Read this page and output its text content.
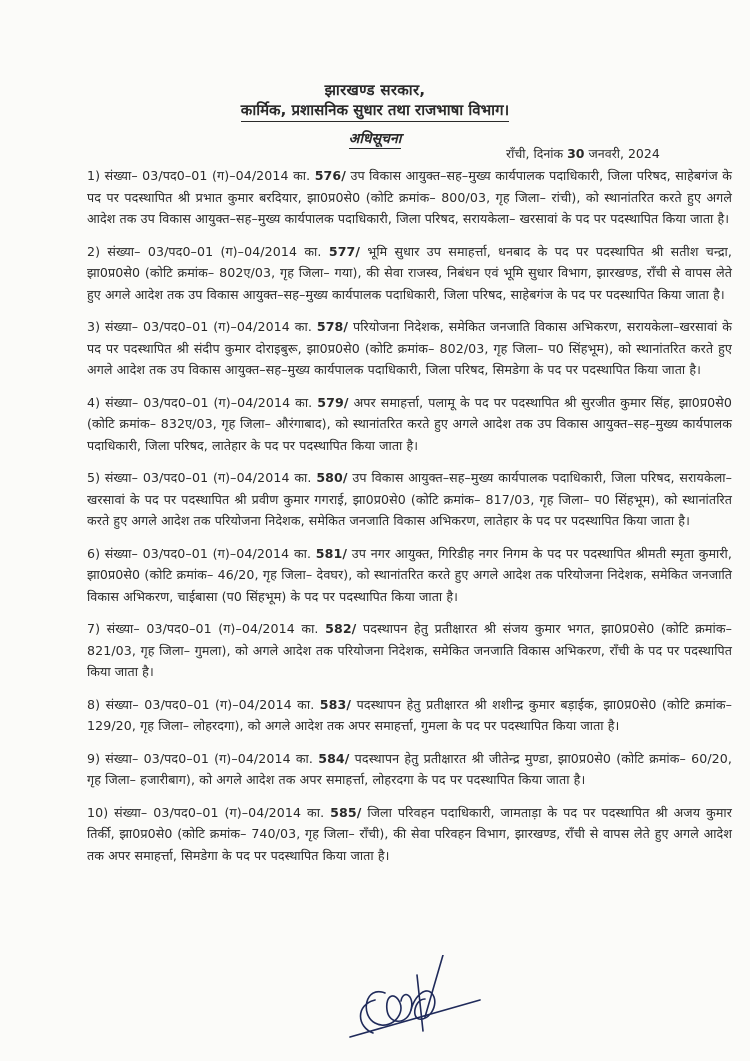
झारखण्ड सरकार,
कार्मिक, प्रशासनिक सुधार तथा राजभाषा विभाग।
अधिसूचना
राँची, दिनांक 30 जनवरी, 2024

1) संख्या– 03/पद0–01 (ग)–04/2014 का. 576/ उप विकास आयुक्त–सह–मुख्य कार्यपालक पदाधिकारी, जिला परिषद, साहेबगंज के पद पर पदस्थापित श्री प्रभात कुमार बरदियार, झा0प्र0से0 (कोटि क्रमांक– 800/03, गृह जिला– रांची), को स्थानांतरित करते हुए अगले आदेश तक उप विकास आयुक्त–सह–मुख्य कार्यपालक पदाधिकारी, जिला परिषद, सरायकेला– खरसावां के पद पर पदस्थापित किया जाता है।

2) संख्या– 03/पद0–01 (ग)–04/2014 का. 577/ भूमि सुधार उप समाहर्त्ता, धनबाद के पद पर पदस्थापित श्री सतीश चन्द्रा, झा0प्र0से0 (कोटि क्रमांक– 802ए/03, गृह जिला– गया), की सेवा राजस्व, निबंधन एवं भूमि सुधार विभाग, झारखण्ड, राँची से वापस लेते हुए अगले आदेश तक उप विकास आयुक्त–सह–मुख्य कार्यपालक पदाधिकारी, जिला परिषद, साहेबगंज के पद पर पदस्थापित किया जाता है।

3) संख्या– 03/पद0–01 (ग)–04/2014 का. 578/ परियोजना निदेशक, समेकित जनजाति विकास अभिकरण, सरायकेला–खरसावां के पद पर पदस्थापित श्री संदीप कुमार दोराइबुरू, झा0प्र0से0 (कोटि क्रमांक– 802/03, गृह जिला– प0 सिंहभूम), को स्थानांतरित करते हुए अगले आदेश तक उप विकास आयुक्त–सह–मुख्य कार्यपालक पदाधिकारी, जिला परिषद, सिमडेगा के पद पर पदस्थापित किया जाता है।

4) संख्या– 03/पद0–01 (ग)–04/2014 का. 579/ अपर समाहर्त्ता, पलामू के पद पर पदस्थापित श्री सुरजीत कुमार सिंह, झा0प्र0से0 (कोटि क्रमांक– 832ए/03, गृह जिला– औरंगाबाद), को स्थानांतरित करते हुए अगले आदेश तक उप विकास आयुक्त–सह–मुख्य कार्यपालक पदाधिकारी, जिला परिषद, लातेहार के पद पर पदस्थापित किया जाता है।

5) संख्या– 03/पद0–01 (ग)–04/2014 का. 580/ उप विकास आयुक्त–सह–मुख्य कार्यपालक पदाधिकारी, जिला परिषद, सरायकेला–खरसावां के पद पर पदस्थापित श्री प्रवीण कुमार गगराई, झा0प्र0से0 (कोटि क्रमांक– 817/03, गृह जिला– प0 सिंहभूम), को स्थानांतरित करते हुए अगले आदेश तक परियोजना निदेशक, समेकित जनजाति विकास अभिकरण, लातेहार के पद पर पदस्थापित किया जाता है।

6) संख्या– 03/पद0–01 (ग)–04/2014 का. 581/ उप नगर आयुक्त, गिरिडीह नगर निगम के पद पर पदस्थापित श्रीमती स्मृता कुमारी, झा0प्र0से0 (कोटि क्रमांक– 46/20, गृह जिला– देवघर), को स्थानांतरित करते हुए अगले आदेश तक परियोजना निदेशक, समेकित जनजाति विकास अभिकरण, चाईबासा (प0 सिंहभूम) के पद पर पदस्थापित किया जाता है।

7) संख्या– 03/पद0–01 (ग)–04/2014 का. 582/ पदस्थापन हेतु प्रतीक्षारत श्री संजय कुमार भगत, झा0प्र0से0 (कोटि क्रमांक– 821/03, गृह जिला– गुमला), को अगले आदेश तक परियोजना निदेशक, समेकित जनजाति विकास अभिकरण, राँची के पद पर पदस्थापित किया जाता है।

8) संख्या– 03/पद0–01 (ग)–04/2014 का. 583/ पदस्थापन हेतु प्रतीक्षारत श्री शशीन्द्र कुमार बड़ाईक, झा0प्र0से0 (कोटि क्रमांक– 129/20, गृह जिला– लोहरदगा), को अगले आदेश तक अपर समाहर्त्ता, गुमला के पद पर पदस्थापित किया जाता है।

9) संख्या– 03/पद0–01 (ग)–04/2014 का. 584/ पदस्थापन हेतु प्रतीक्षारत श्री जीतेन्द्र मुण्डा, झा0प्र0से0 (कोटि क्रमांक– 60/20, गृह जिला– हजारीबाग), को अगले आदेश तक अपर समाहर्त्ता, लोहरदगा के पद पर पदस्थापित किया जाता है।

10) संख्या– 03/पद0–01 (ग)–04/2014 का. 585/ जिला परिवहन पदाधिकारी, जामताड़ा के पद पर पदस्थापित श्री अजय कुमार तिर्की, झा0प्र0से0 (कोटि क्रमांक– 740/03, गृह जिला– राँची), की सेवा परिवहन विभाग, झारखण्ड, राँची से वापस लेते हुए अगले आदेश तक अपर समाहर्त्ता, सिमडेगा के पद पर पदस्थापित किया जाता है।
